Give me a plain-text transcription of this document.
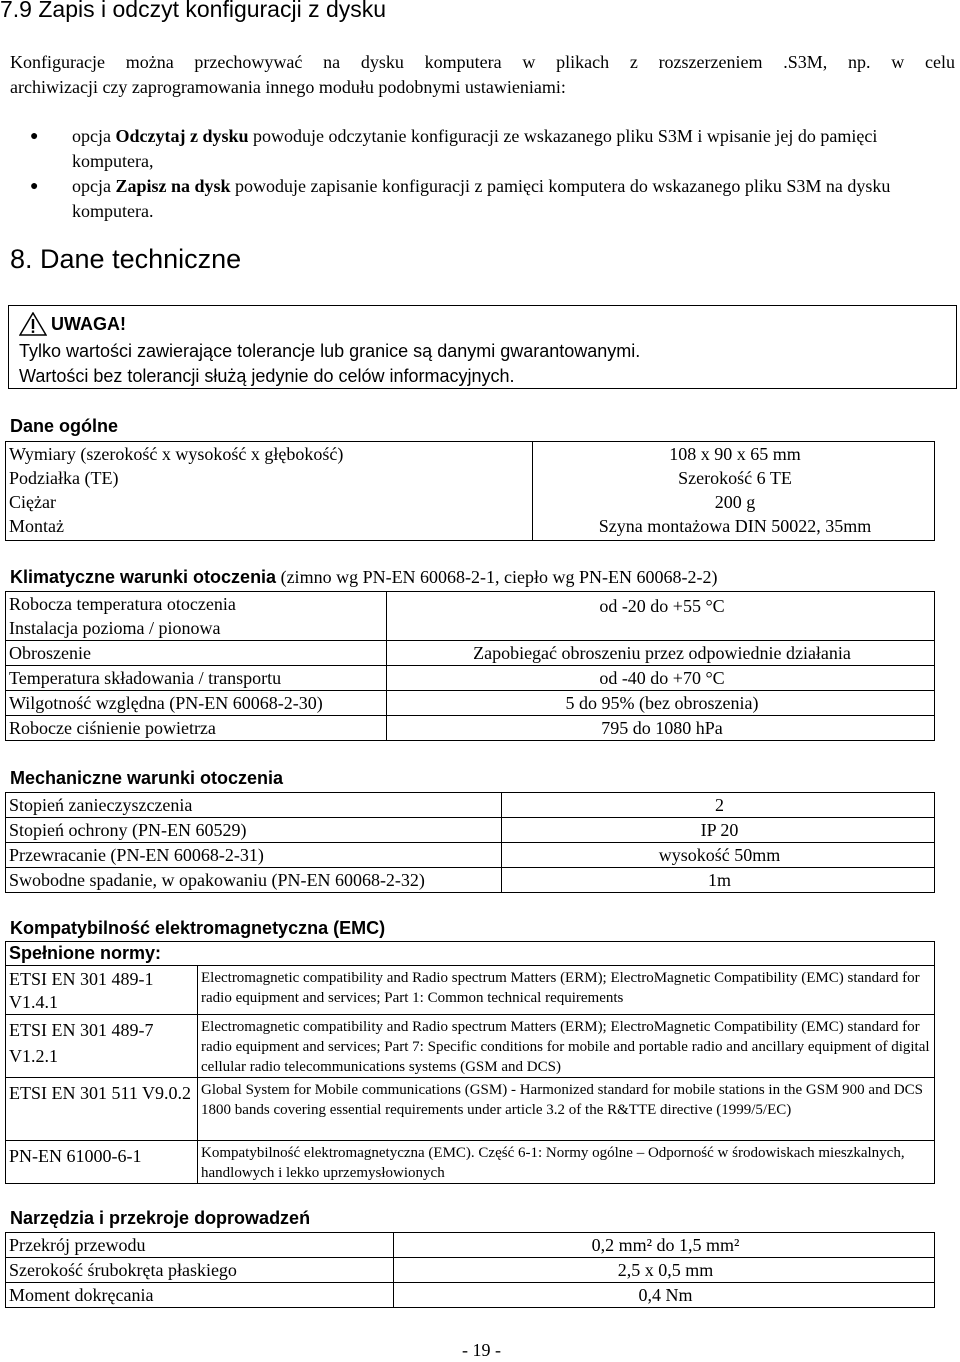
7.9 Zapis i odczyt konfiguracji z dysku
Konfiguracje można przechowywać na dysku komputera w plikach z rozszerzeniem .S3M, np. w celu
archiwizacji czy zaprogramowania innego modułu podobnymi ustawieniami:
● opcja Odczytaj z dysku powoduje odczytanie konfiguracji ze wskazanego pliku S3M i wpisanie jej do pamięci komputera,
● opcja Zapisz na dysk powoduje zapisanie konfiguracji z pamięci komputera do wskazanego pliku S3M na dysku komputera.
8. Dane techniczne
UWAGA!
Tylko wartości zawierające tolerancje lub granice są danymi gwarantowanymi.
Wartości bez tolerancji służą jedynie do celów informacyjnych.
Dane ogólne
Wymiary (szerokość x wysokość x głębokość)	108 x 90 x 65 mm
Podziałka (TE)	Szerokość 6 TE
Ciężar	200 g
Montaż	Szyna montażowa DIN 50022, 35mm
Klimatyczne warunki otoczenia (zimno wg PN-EN 60068-2-1, ciepło wg PN-EN 60068-2-2)
Robocza temperatura otoczenia	od -20 do +55 °C
Instalacja pozioma / pionowa	
Obroszenie	Zapobiegać obroszeniu przez odpowiednie działania
Temperatura składowania / transportu	od -40 do +70 °C
Wilgotność względna (PN-EN 60068-2-30)	5 do 95% (bez obroszenia)
Robocze ciśnienie powietrza	795 do 1080 hPa
Mechaniczne warunki otoczenia
Stopień zanieczyszczenia	2
Stopień ochrony (PN-EN 60529)	IP 20
Przewracanie (PN-EN 60068-2-31)	wysokość 50mm
Swobodne spadanie, w opakowaniu (PN-EN 60068-2-32)	1m
Kompatybilność elektromagnetyczna (EMC)
Spełnione normy:	
ETSI EN 301 489-1 V1.4.1	Electromagnetic compatibility and Radio spectrum Matters (ERM); ElectroMagnetic Compatibility (EMC) standard for radio equipment and services; Part 1: Common technical requirements
ETSI EN 301 489-7 V1.2.1	Electromagnetic compatibility and Radio spectrum Matters (ERM); ElectroMagnetic Compatibility (EMC) standard for radio equipment and services; Part 7: Specific conditions for mobile and portable radio and ancillary equipment of digital cellular radio telecommunications systems (GSM and DCS)
ETSI EN 301 511 V9.0.2	Global System for Mobile communications (GSM) - Harmonized standard for mobile stations in the GSM 900 and DCS 1800 bands covering essential requirements under article 3.2 of the R&TTE directive (1999/5/EC)
PN-EN 61000-6-1	Kompatybilność elektromagnetyczna (EMC). Część 6-1: Normy ogólne – Odporność w środowiskach mieszkalnych, handlowych i lekko uprzemysłowionych
Narzędzia i przekroje doprowadzeń
Przekrój przewodu	0,2 mm² do 1,5 mm²
Szerokość śrubokręta płaskiego	2,5 x 0,5 mm
Moment dokręcania	0,4 Nm
- 19 -
